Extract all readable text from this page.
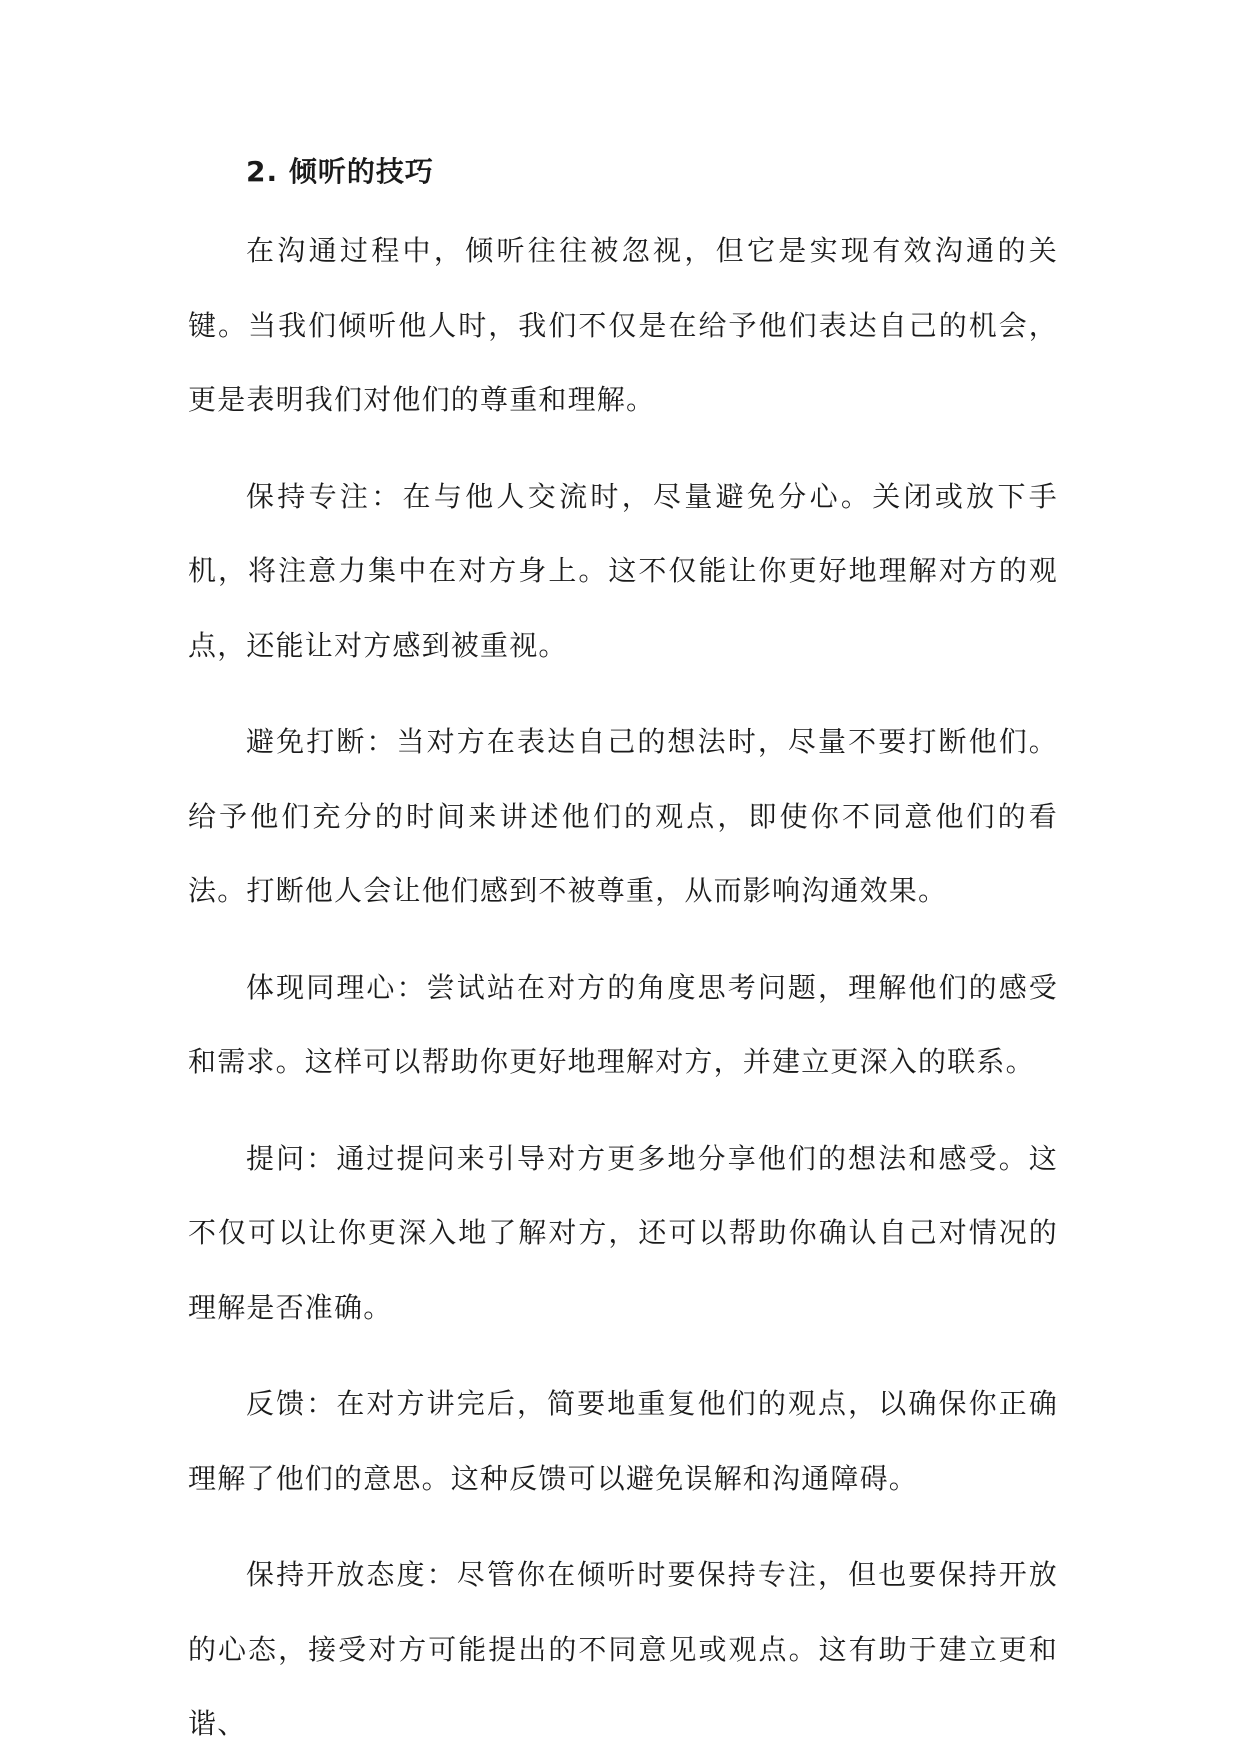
2. 倾听的技巧

在沟通过程中，倾听往往被忽视，但它是实现有效沟通的关键。当我们倾听他人时，我们不仅是在给予他们表达自己的机会，更是表明我们对他们的尊重和理解。

保持专注：在与他人交流时，尽量避免分心。关闭或放下手机，将注意力集中在对方身上。这不仅能让你更好地理解对方的观点，还能让对方感到被重视。

避免打断：当对方在表达自己的想法时，尽量不要打断他们。给予他们充分的时间来讲述他们的观点，即使你不同意他们的看法。打断他人会让他们感到不被尊重，从而影响沟通效果。

体现同理心：尝试站在对方的角度思考问题，理解他们的感受和需求。这样可以帮助你更好地理解对方，并建立更深入的联系。

提问：通过提问来引导对方更多地分享他们的想法和感受。这不仅可以让你更深入地了解对方，还可以帮助你确认自己对情况的理解是否准确。

反馈：在对方讲完后，简要地重复他们的观点，以确保你正确理解了他们的意思。这种反馈可以避免误解和沟通障碍。

保持开放态度：尽管你在倾听时要保持专注，但也要保持开放的心态，接受对方可能提出的不同意见或观点。这有助于建立更和谐、
